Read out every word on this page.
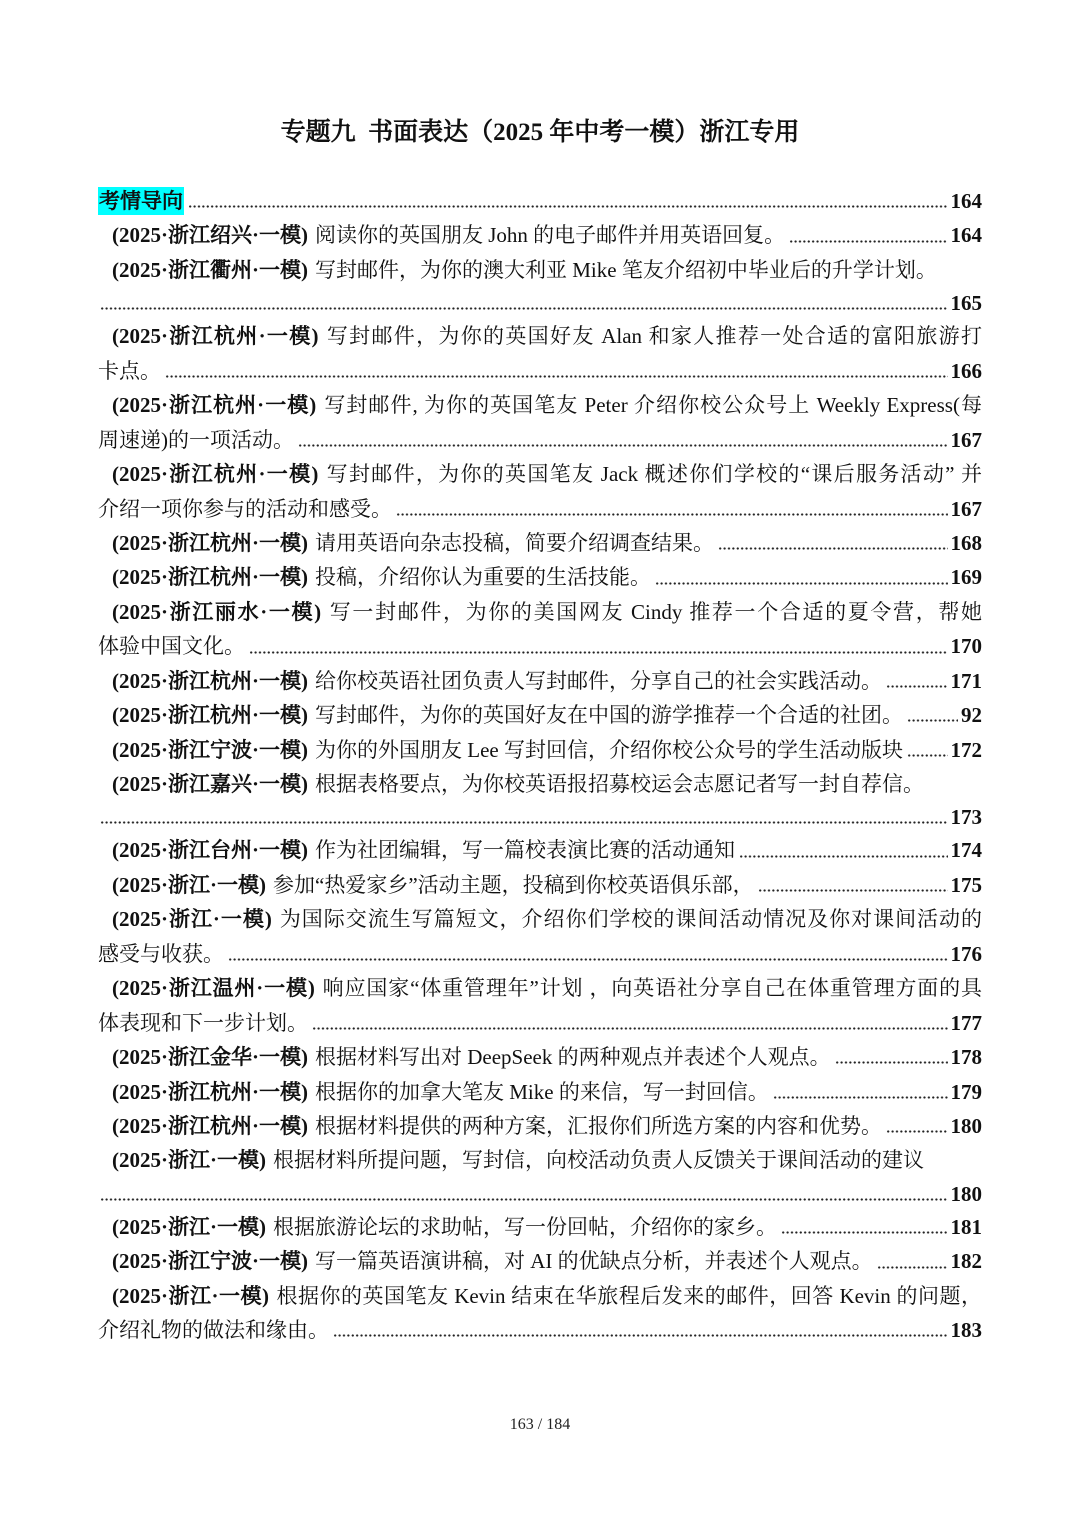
专题九  书面表达（2025 年中考一模）浙江专用
考情导向	164
(2025·浙江绍兴·一模) 阅读你的英国朋友 John 的电子邮件并用英语回复。	164
(2025·浙江衢州·一模) 写封邮件，为你的澳大利亚 Mike 笔友介绍初中毕业后的升学计划。
165
(2025·浙江杭州·一模) 写封邮件，为你的英国好友 Alan 和家人推荐一处合适的富阳旅游打
卡点。	166
(2025·浙江杭州·一模) 写封邮件, 为你的英国笔友 Peter 介绍你校公众号上 Weekly Express(每
周速递)的一项活动。	167
(2025·浙江杭州·一模) 写封邮件，为你的英国笔友 Jack 概述你们学校的“课后服务活动” 并
介绍一项你参与的活动和感受。	167
(2025·浙江杭州·一模) 请用英语向杂志投稿，简要介绍调查结果。	168
(2025·浙江杭州·一模) 投稿，介绍你认为重要的生活技能。	169
(2025·浙江丽水·一模) 写一封邮件，为你的美国网友 Cindy 推荐一个合适的夏令营，帮她
体验中国文化。	170
(2025·浙江杭州·一模) 给你校英语社团负责人写封邮件，分享自己的社会实践活动。	171
(2025·浙江杭州·一模) 写封邮件，为你的英国好友在中国的游学推荐一个合适的社团。	92
(2025·浙江宁波·一模) 为你的外国朋友 Lee 写封回信，介绍你校公众号的学生活动版块 172
(2025·浙江嘉兴·一模) 根据表格要点，为你校英语报招募校运会志愿记者写一封自荐信。
173
(2025·浙江台州·一模) 作为社团编辑，写一篇校表演比赛的活动通知	174
(2025·浙江·一模) 参加“热爱家乡”活动主题，投稿到你校英语俱乐部，	175
(2025·浙江·一模) 为国际交流生写篇短文，介绍你们学校的课间活动情况及你对课间活动的
感受与收获。	176
(2025·浙江温州·一模) 响应国家“体重管理年”计划 ，向英语社分享自己在体重管理方面的具
体表现和下一步计划。	177
(2025·浙江金华·一模) 根据材料写出对 DeepSeek 的两种观点并表述个人观点。	178
(2025·浙江杭州·一模) 根据你的加拿大笔友 Mike 的来信，写一封回信。	179
(2025·浙江杭州·一模) 根据材料提供的两种方案，汇报你们所选方案的内容和优势。	180
(2025·浙江·一模) 根据材料所提问题，写封信，向校活动负责人反馈关于课间活动的建议
180
(2025·浙江·一模) 根据旅游论坛的求助帖，写一份回帖，介绍你的家乡。	181
(2025·浙江宁波·一模) 写一篇英语演讲稿，对 AI 的优缺点分析，并表述个人观点。	182
(2025·浙江·一模) 根据你的英国笔友 Kevin 结束在华旅程后发来的邮件，回答 Kevin 的问题，
介绍礼物的做法和缘由。	183
163 / 184
